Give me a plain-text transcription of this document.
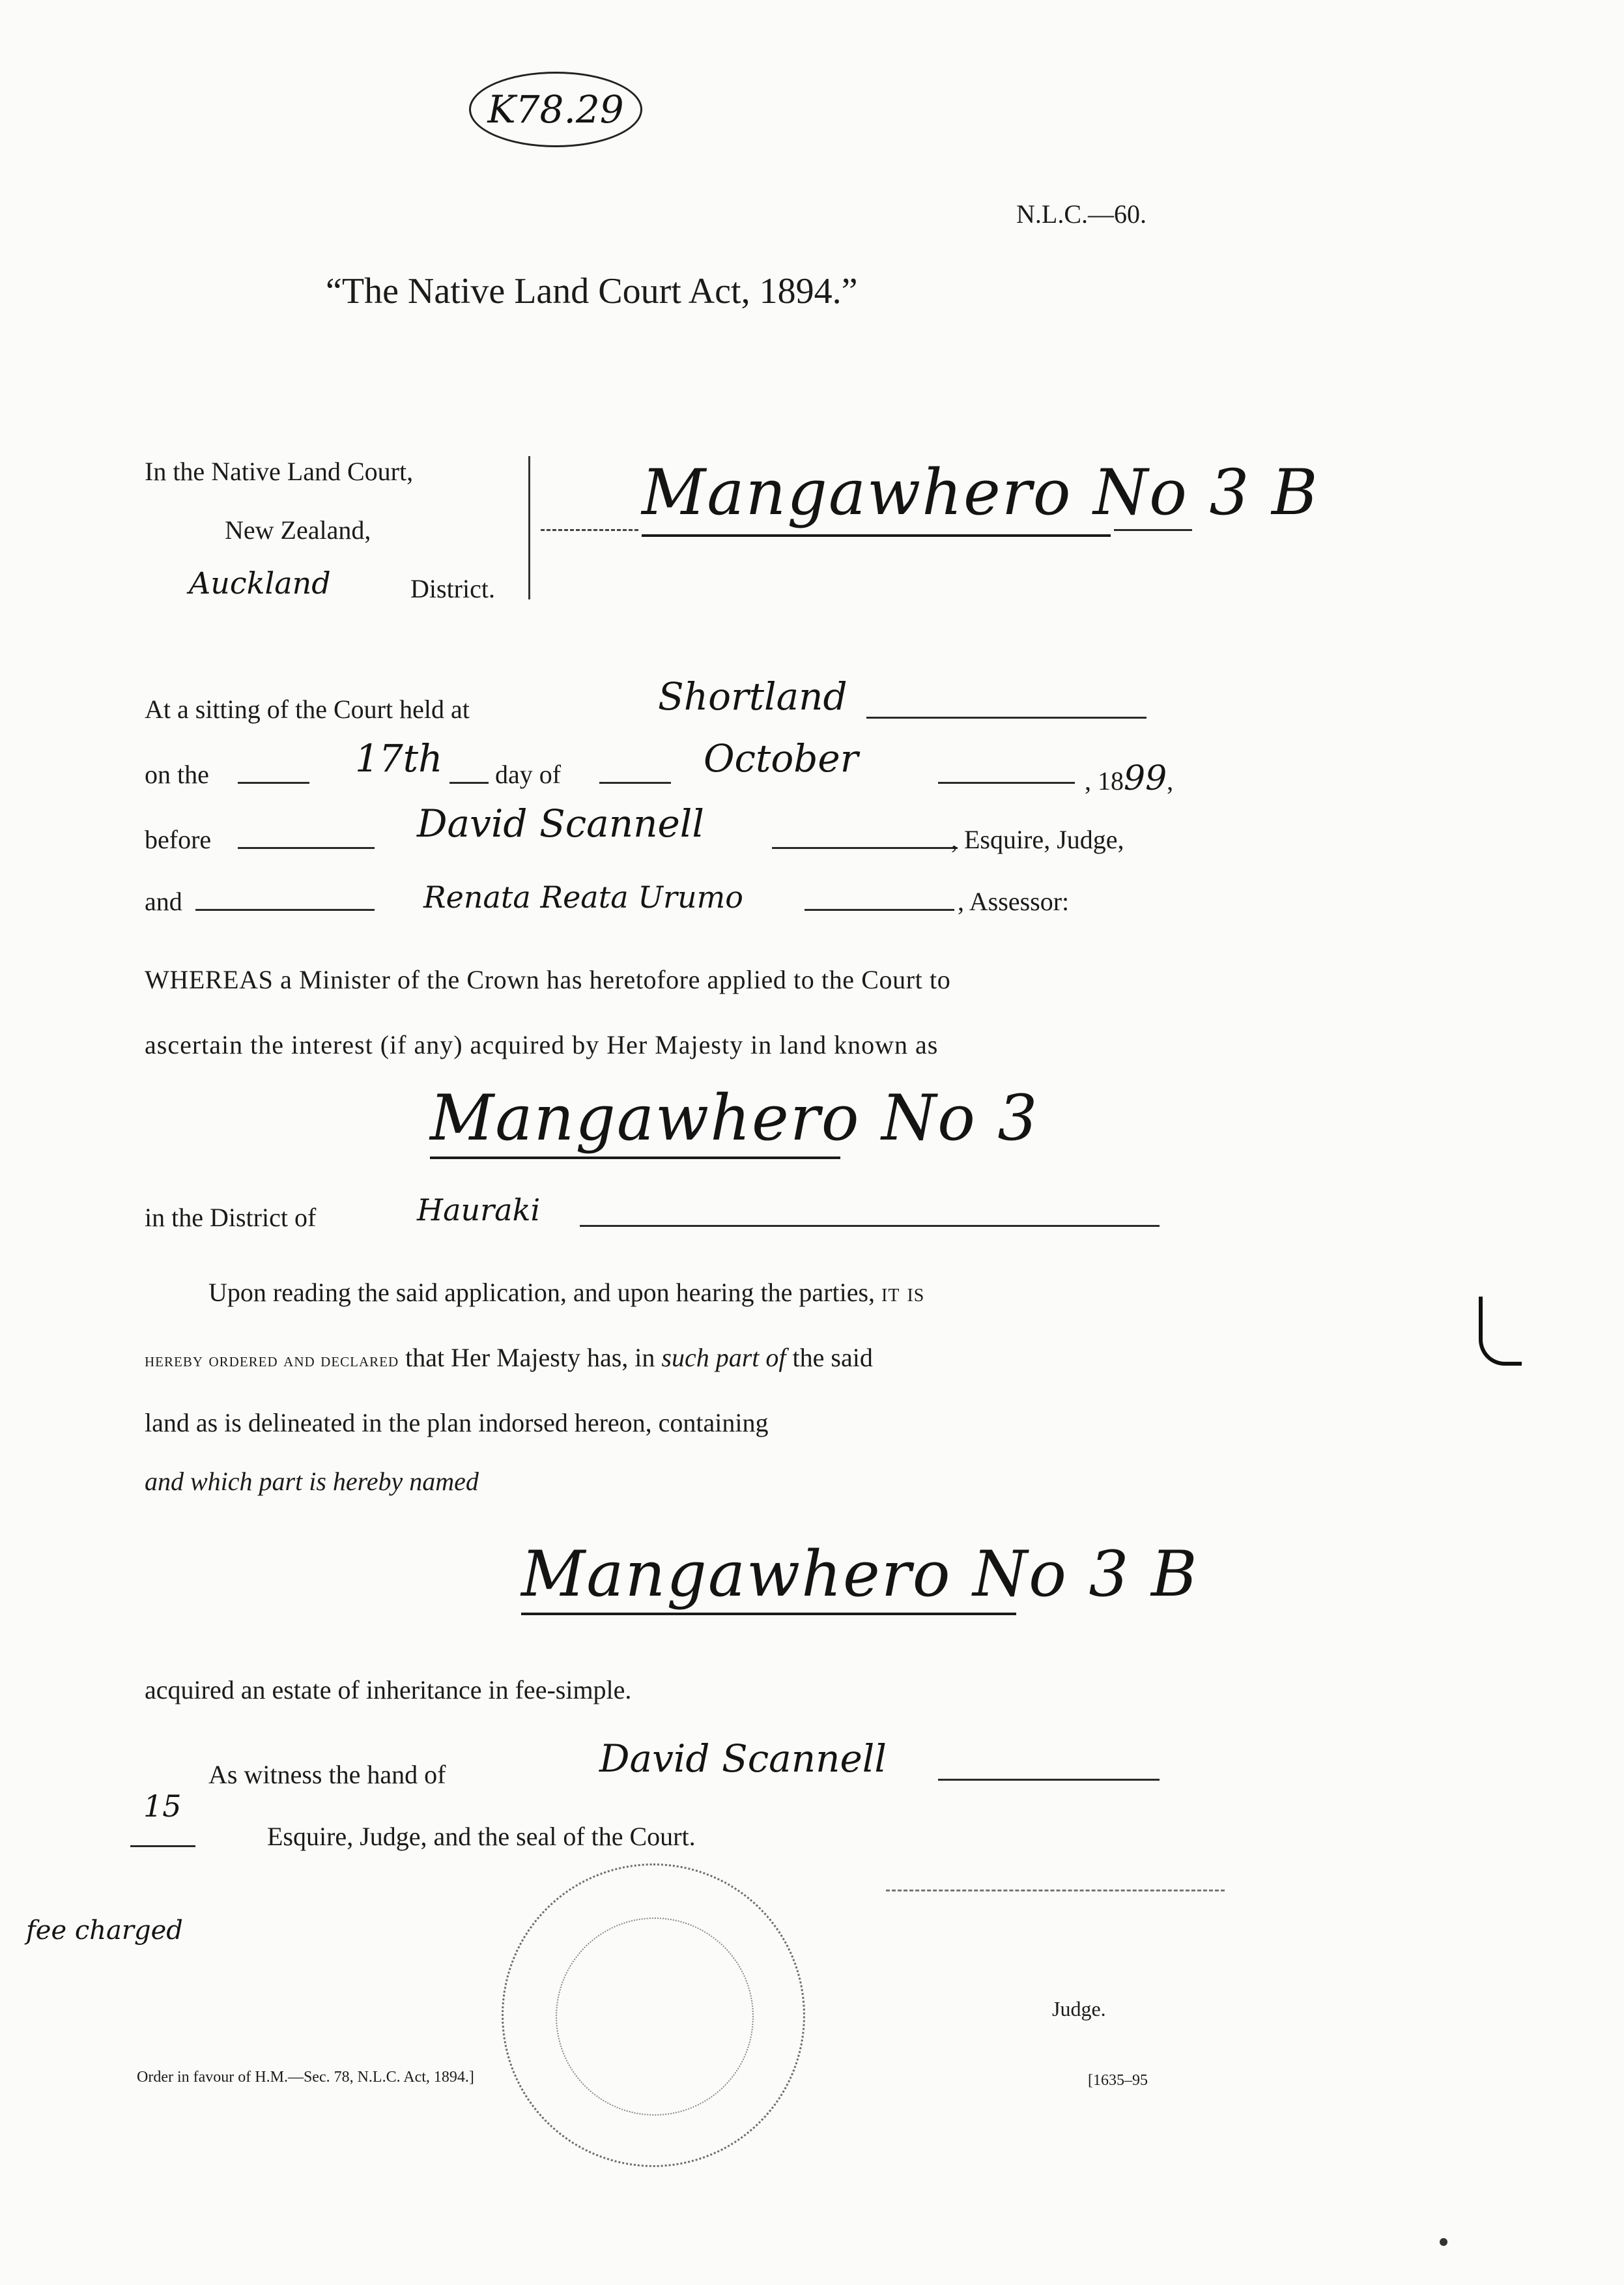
K78.29
N.L.C.—60.
“The Native Land Court Act, 1894.”
In the Native Land Court,
New Zealand,
Auckland	District.
Mangawhero No 3 B
At a sitting of the Court held at	Shortland
on the	17th day of	October
, 1899,
before	David Scannell	, Esquire, Judge,
and	Renata Reata Urumo	, Assessor:
WHEREAS a Minister of the Crown has heretofore applied to the Court to
ascertain the interest (if any) acquired by Her Majesty in land known as
Mangawhero No 3
in the District of	Hauraki
Upon reading the said application, and upon hearing the parties, it is
hereby ordered and declared that Her Majesty has, in such part of the said
land as is delineated in the plan indorsed hereon, containing
and which part is hereby named
Mangawhero No 3 B
acquired an estate of inheritance in fee-simple.
As witness the hand of	David Scannell
15
Esquire, Judge, and the seal of the Court.
fee charged
Judge.
Order in favour of H.M.—Sec. 78, N.L.C. Act, 1894.]	[1635–95
